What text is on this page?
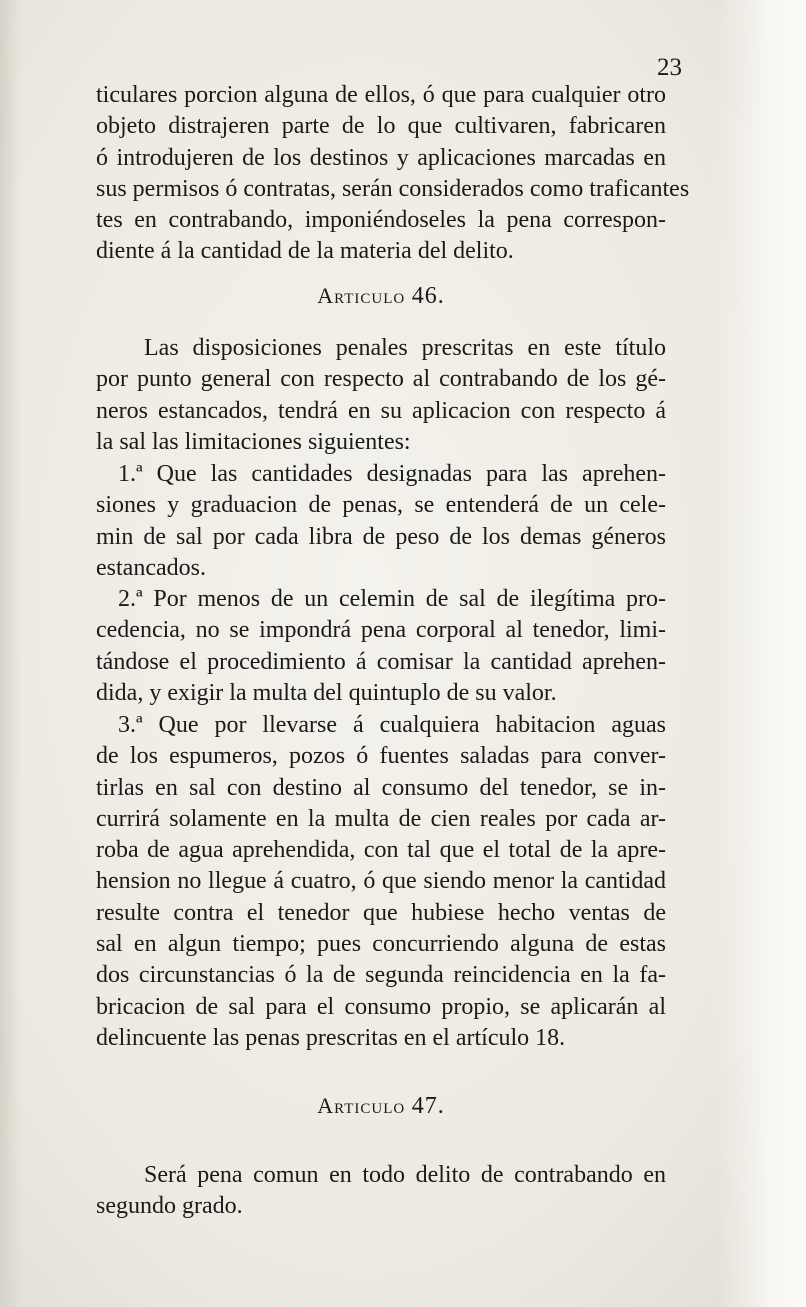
23
ticulares porcion alguna de ellos, ó que para cualquier otro
objeto distrajeren parte de lo que cultivaren, fabricaren
ó introdujeren de los destinos y aplicaciones marcadas en
sus permisos ó contratas, serán considerados como traficantes
tes en contrabando, imponiéndoseles la pena correspon-
diente á la cantidad de la materia del delito.
Articulo 46.
Las disposiciones penales prescritas en este título
por punto general con respecto al contrabando de los gé-
neros estancados, tendrá en su aplicacion con respecto á
la sal las limitaciones siguientes:
1.ª Que las cantidades designadas para las aprehen-
siones y graduacion de penas, se entenderá de un cele-
min de sal por cada libra de peso de los demas géneros
estancados.
2.ª Por menos de un celemin de sal de ilegítima pro-
cedencia, no se impondrá pena corporal al tenedor, limi-
tándose el procedimiento á comisar la cantidad aprehen-
dida, y exigir la multa del quintuplo de su valor.
3.ª Que por llevarse á cualquiera habitacion aguas
de los espumeros, pozos ó fuentes saladas para conver-
tirlas en sal con destino al consumo del tenedor, se in-
currirá solamente en la multa de cien reales por cada ar-
roba de agua aprehendida, con tal que el total de la apre-
hension no llegue á cuatro, ó que siendo menor la cantidad
resulte contra el tenedor que hubiese hecho ventas de
sal en algun tiempo; pues concurriendo alguna de estas
dos circunstancias ó la de segunda reincidencia en la fa-
bricacion de sal para el consumo propio, se aplicarán al
delincuente las penas prescritas en el artículo 18.
Articulo 47.
Será pena comun en todo delito de contrabando en
segundo grado.
